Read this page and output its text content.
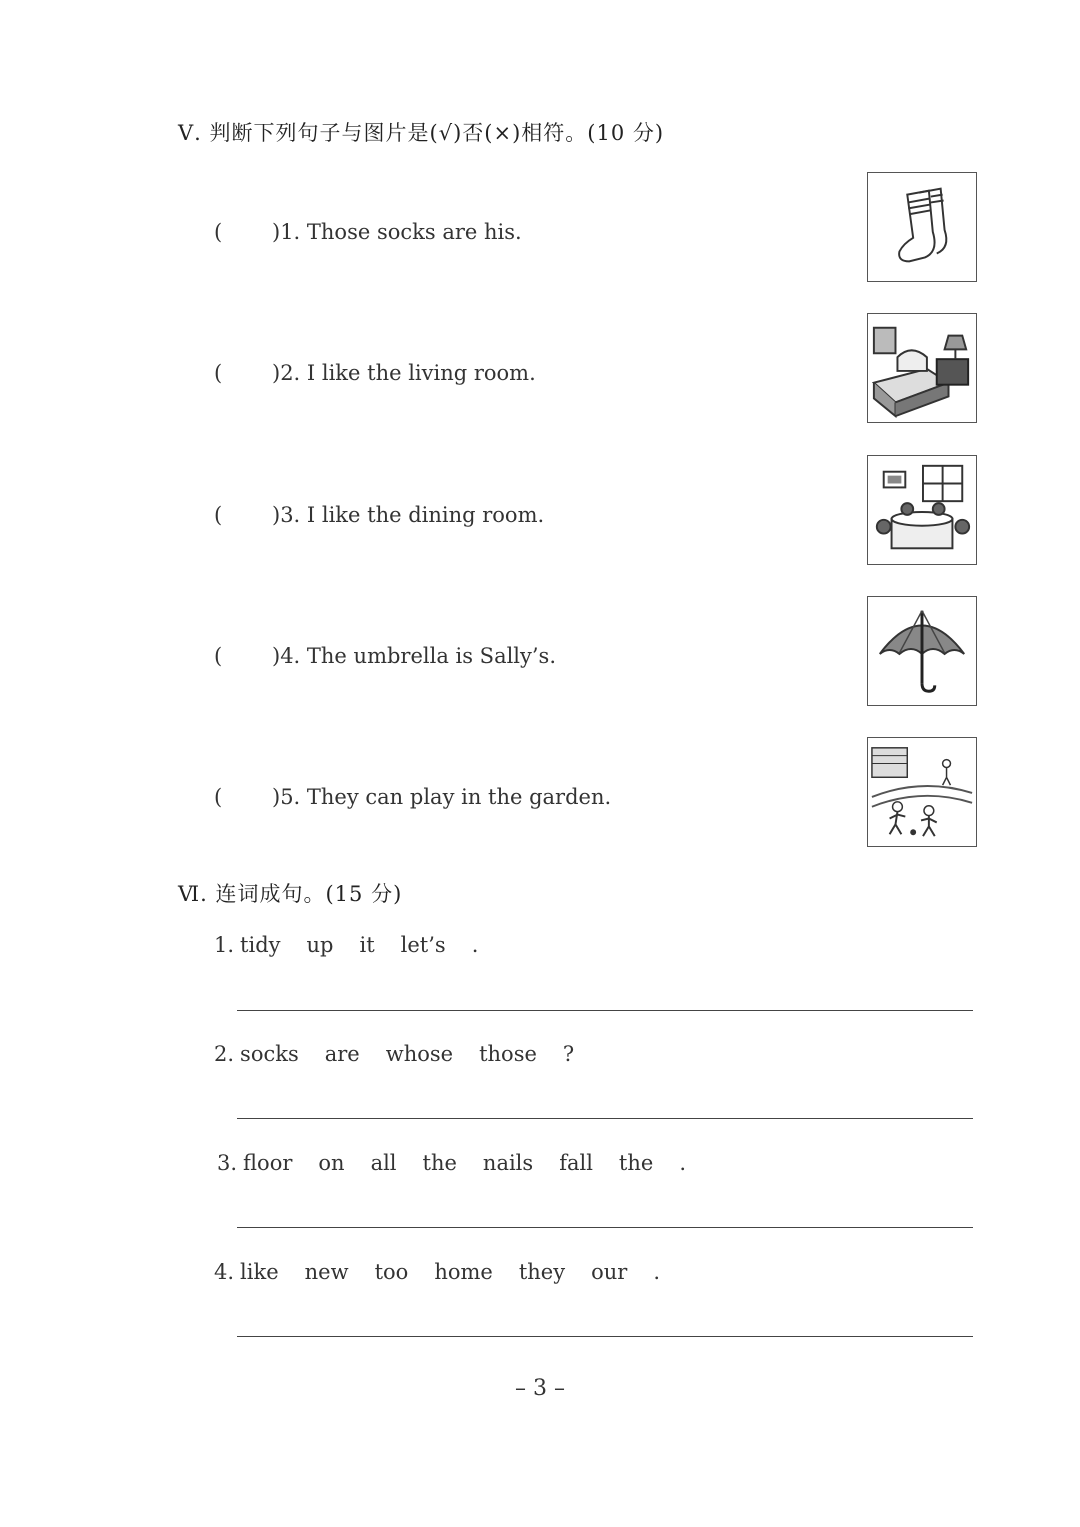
Ⅴ. 判断下列句子与图片是(√)否(×)相符。(10 分)
( )1. Those socks are his.
( )2. I like the living room.
( )3. I like the dining room.
( )4. The umbrella is Sally’s.
( )5. They can play in the garden.
Ⅵ. 连词成句。(15 分)
1. tidy up it let’s .
2. socks are whose those ?
3. floor on all the nails fall the .
4. like new too home they our .
– 3 –
